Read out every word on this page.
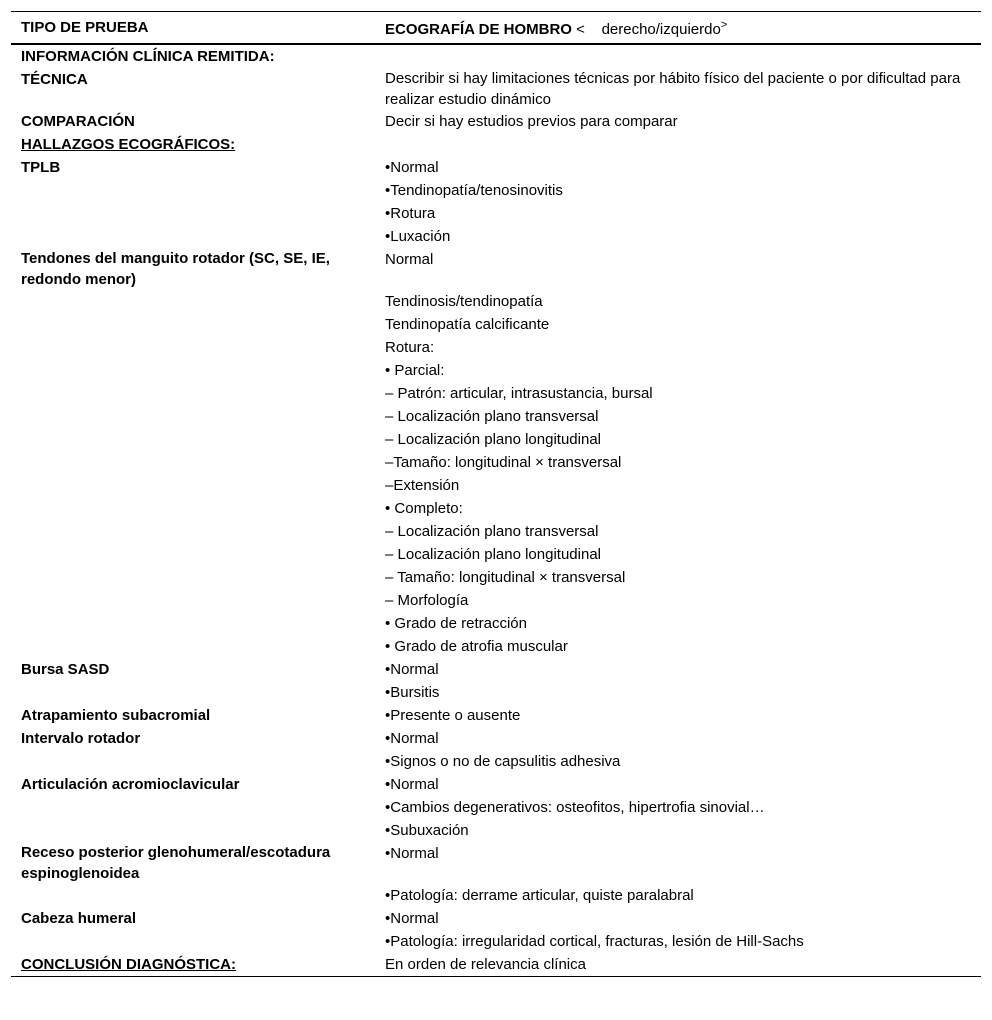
TIPO DE PRUEBA	ECOGRAFÍA DE HOMBRO < derecho/izquierdo˃
INFORMACIÓN CLÍNICA REMITIDA:	
TÉCNICA	Describir si hay limitaciones técnicas por hábito físico del paciente o por dificultad para realizar estudio dinámico
COMPARACIÓN	Decir si hay estudios previos para comparar
HALLAZGOS ECOGRÁFICOS:	
TPLB	•Normal
	•Tendinopatía/tenosinovitis
	•Rotura
	•Luxación
Tendones del manguito rotador (SC, SE, IE, redondo menor)	Normal
	Tendinosis/tendinopatía
	Tendinopatía calcificante
	Rotura:
	• Parcial:
	– Patrón: articular, intrasustancia, bursal
	– Localización plano transversal
	– Localización plano longitudinal
	–Tamaño: longitudinal × transversal
	–Extensión
	• Completo:
	– Localización plano transversal
	– Localización plano longitudinal
	– Tamaño: longitudinal × transversal
	– Morfología
	• Grado de retracción
	• Grado de atrofia muscular
Bursa SASD	•Normal
	•Bursitis
Atrapamiento subacromial	•Presente o ausente
Intervalo rotador	•Normal
	•Signos o no de capsulitis adhesiva
Articulación acromioclavicular	•Normal
	•Cambios degenerativos: osteofitos, hipertrofia sinovial…
	•Subuxación
Receso posterior glenohumeral/escotadura espinoglenoidea	•Normal
	•Patología: derrame articular, quiste paralabral
Cabeza humeral	•Normal
	•Patología: irregularidad cortical, fracturas, lesión de Hill-Sachs
CONCLUSIÓN DIAGNÓSTICA:	En orden de relevancia clínica
